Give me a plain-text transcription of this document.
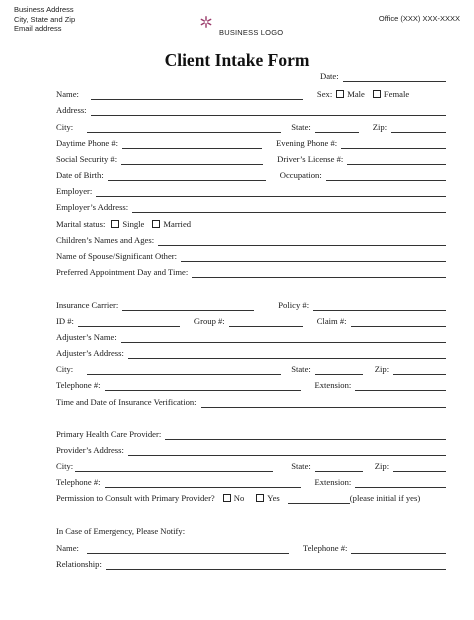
Business Address
City, State and Zip
Email address	BUSINESS LOGO
Office (XXX) XXX-XXXX
Client Intake Form
Date:
Name:	Sex:	Male	Female
Address:
City:	State:	Zip:
Daytime Phone #:	Evening Phone #:
Social Security #:	Driver’s License #:
Date of Birth:	Occupation:
Employer:
Employer’s Address:
Marital status:	Single	Married
Children’s Names and Ages:
Name of Spouse/Significant Other:
Preferred Appointment Day and Time:
Insurance Carrier:	Policy #:
ID #:	Group #:	Claim #:
Adjuster’s Name:
Adjuster’s Address:
City:	State:	Zip:
Telephone #:	Extension:
Time and Date of Insurance Verification:
Primary Health Care Provider:
Provider’s Address:
City:	State:	Zip:
Telephone #:	Extension:
Permission to Consult with Primary Provider?	No	Yes	(please initial if yes)
In Case of Emergency, Please Notify:
Name:	Telephone #:
Relationship:
